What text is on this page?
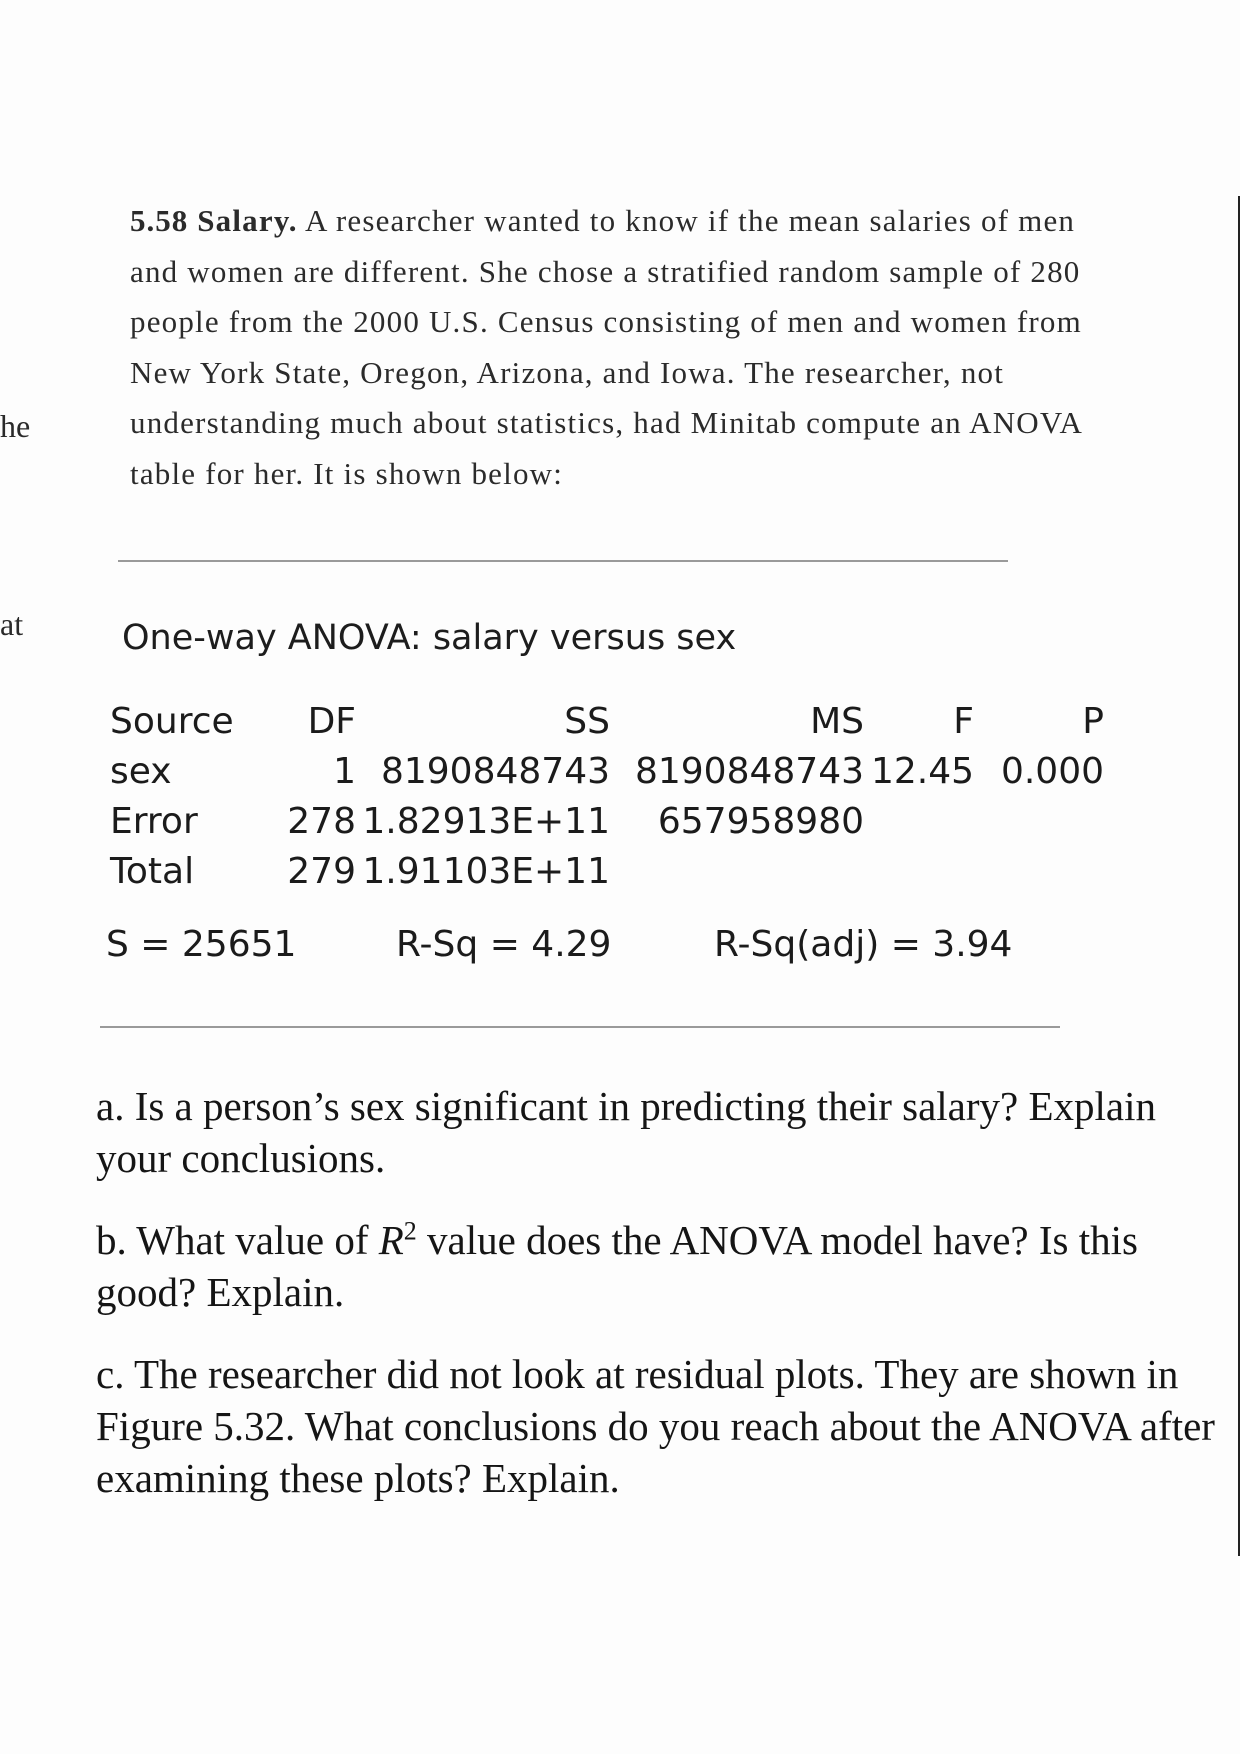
he
at

5.58 Salary. A researcher wanted to know if the mean salaries of men and women are different. She chose a stratified random sample of 280 people from the 2000 U.S. Census consisting of men and women from New York State, Oregon, Arizona, and Iowa. The researcher, not understanding much about statistics, had Minitab compute an ANOVA table for her. It is shown below:

One-way ANOVA: salary versus sex
Source	DF	SS	MS	F	P
sex	1	8190848743	8190848743	12.45	0.000
Error	278	1.82913E+11	657958980		
Total	279	1.91103E+11			
S = 25651	R-Sq = 4.29	R-Sq(adj) = 3.94

a. Is a person’s sex significant in predicting their salary? Explain your conclusions.

b. What value of $R^2$ value does the ANOVA model have? Is this good? Explain.

c. The researcher did not look at residual plots. They are shown in Figure 5.32. What conclusions do you reach about the ANOVA after examining these plots? Explain.
